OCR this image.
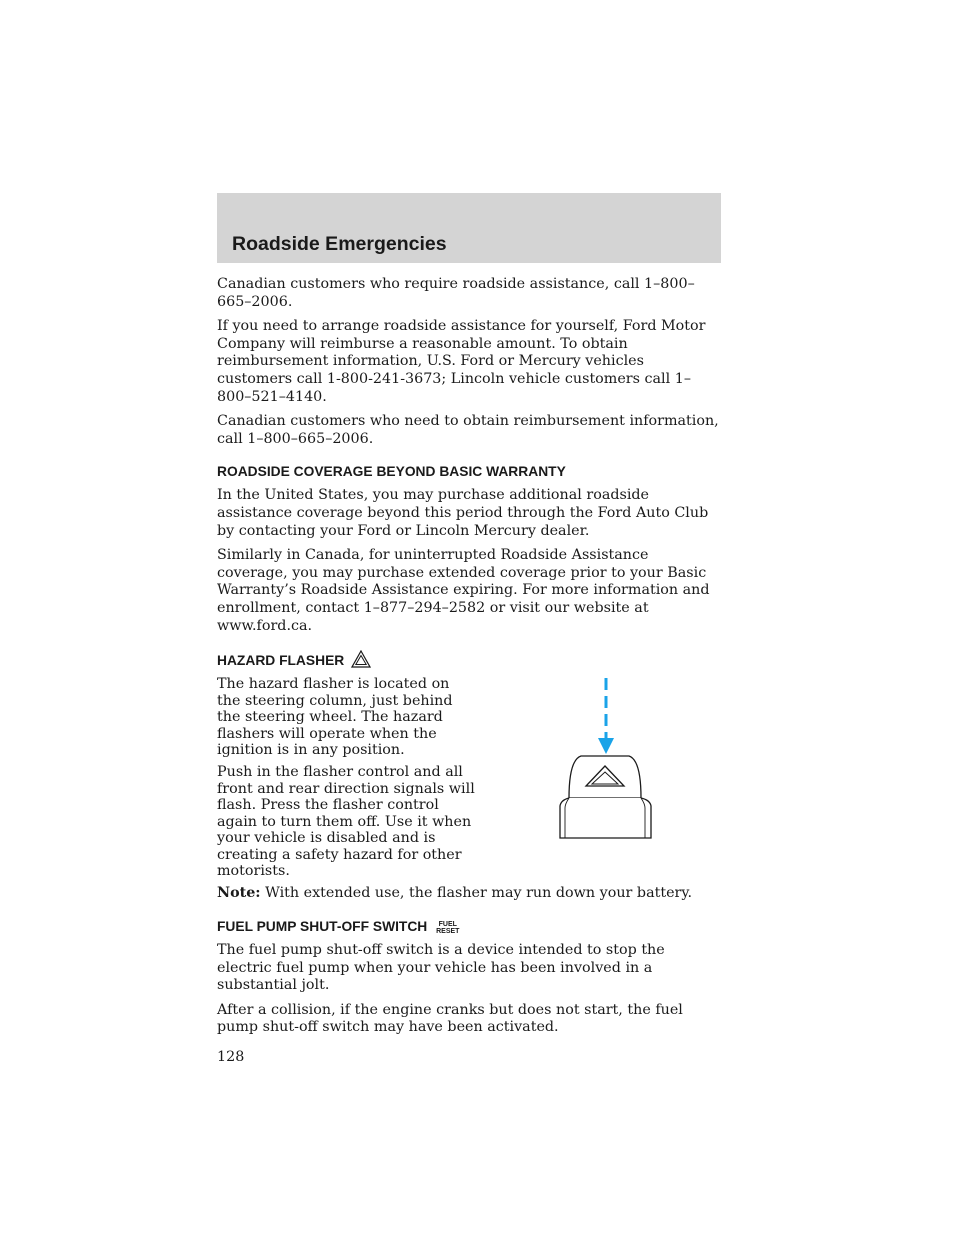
Roadside Emergencies

Canadian customers who require roadside assistance, call 1–800–665–2006.

If you need to arrange roadside assistance for yourself, Ford Motor Company will reimburse a reasonable amount. To obtain reimbursement information, U.S. Ford or Mercury vehicles customers call 1-800-241-3673; Lincoln vehicle customers call 1–800–521–4140.

Canadian customers who need to obtain reimbursement information, call 1–800–665–2006.

ROADSIDE COVERAGE BEYOND BASIC WARRANTY

In the United States, you may purchase additional roadside assistance coverage beyond this period through the Ford Auto Club by contacting your Ford or Lincoln Mercury dealer.

Similarly in Canada, for uninterrupted Roadside Assistance coverage, you may purchase extended coverage prior to your Basic Warranty’s Roadside Assistance expiring. For more information and enrollment, contact 1–877–294–2582 or visit our website at www.ford.ca.

HAZARD FLASHER

The hazard flasher is located on the steering column, just behind the steering wheel. The hazard flashers will operate when the ignition is in any position.

Push in the flasher control and all front and rear direction signals will flash. Press the flasher control again to turn them off. Use it when your vehicle is disabled and is creating a safety hazard for other motorists.

Note: With extended use, the flasher may run down your battery.

FUEL PUMP SHUT-OFF SWITCH FUEL
RESET

The fuel pump shut-off switch is a device intended to stop the electric fuel pump when your vehicle has been involved in a substantial jolt.

After a collision, if the engine cranks but does not start, the fuel pump shut-off switch may have been activated.

128
